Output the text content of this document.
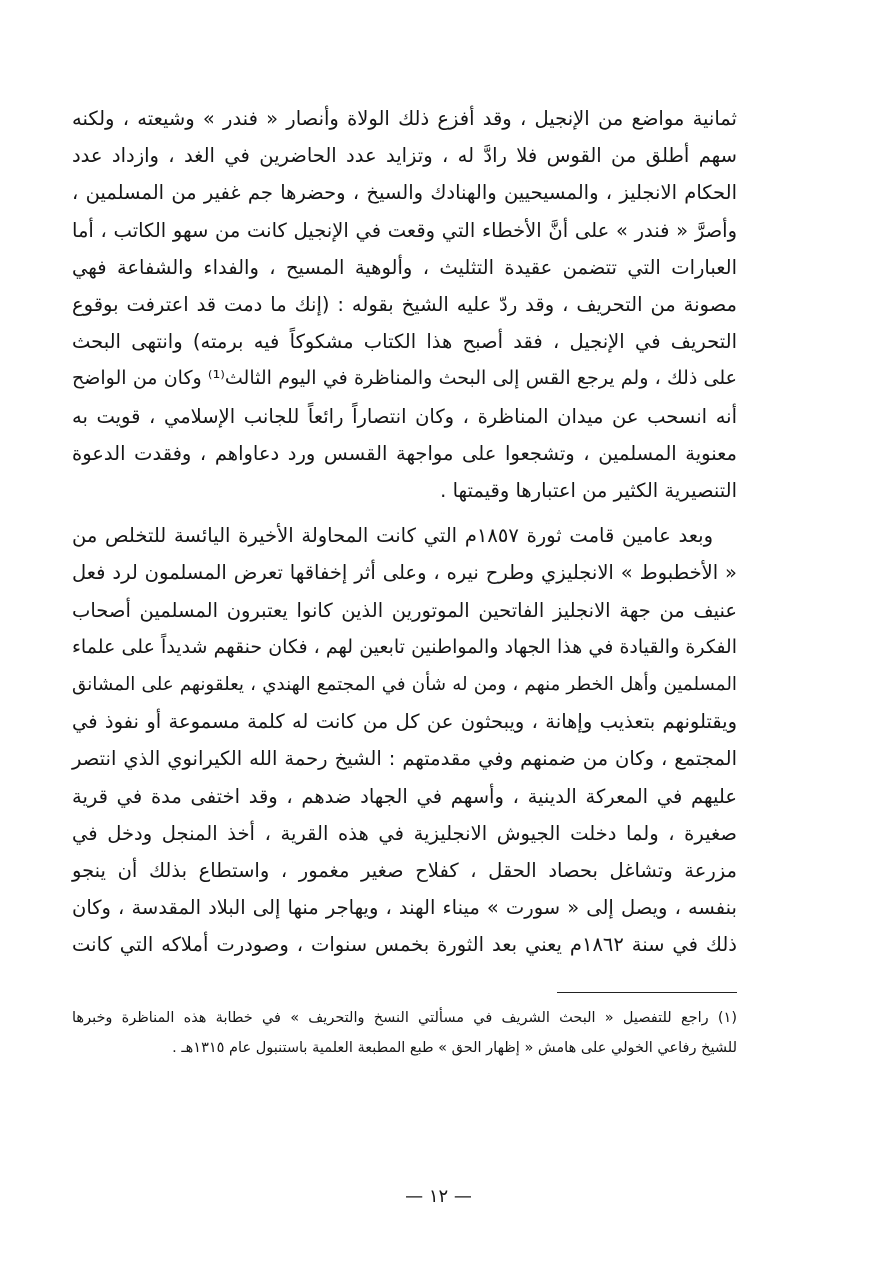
ثمانية مواضع من الإنجيل ، وقد أفزع ذلك الولاة وأنصار « فندر » وشيعته ، ولكنه

سهم أطلق من القوس فلا رادَّ له ، وتزايد عدد الحاضرين في الغد ، وازداد عدد

الحكام الانجليز ، والمسيحيين والهنادك والسيخ ، وحضرها جم غفير من المسلمين ،

وأصرَّ « فندر » على أنَّ الأخطاء التي وقعت في الإنجيل كانت من سهو الكاتب ، أما

العبارات التي تتضمن عقيدة التثليث ، وألوهية المسيح ، والفداء والشفاعة فهي

مصونة من التحريف ، وقد ردّ عليه الشيخ بقوله : (إنك ما دمت قد اعترفت بوقوع

التحريف في الإنجيل ، فقد أصبح هذا الكتاب مشكوكاً فيه برمته) وانتهى البحث

على ذلك ، ولم يرجع القس إلى البحث والمناظرة في اليوم الثالث⁽¹⁾ وكان من الواضح

أنه انسحب عن ميدان المناظرة ، وكان انتصاراً رائعاً للجانب الإسلامي ، قويت به

معنوية المسلمين ، وتشجعوا على مواجهة القسس ورد دعاواهم ، وفقدت الدعوة

التنصيرية الكثير من اعتبارها وقيمتها .

وبعد عامين قامت ثورة ١٨٥٧م التي كانت المحاولة الأخيرة اليائسة للتخلص من

« الأخطبوط » الانجليزي وطرح نيره ، وعلى أثر إخفاقها تعرض المسلمون لرد فعل

عنيف من جهة الانجليز الفاتحين الموتورين الذين كانوا يعتبرون المسلمين أصحاب

الفكرة والقيادة في هذا الجهاد والمواطنين تابعين لهم ، فكان حنقهم شديداً على علماء

المسلمين وأهل الخطر منهم ، ومن له شأن في المجتمع الهندي ، يعلقونهم على المشانق

ويقتلونهم بتعذيب وإهانة ، ويبحثون عن كل من كانت له كلمة مسموعة أو نفوذ في

المجتمع ، وكان من ضمنهم وفي مقدمتهم : الشيخ رحمة الله الكيرانوي الذي انتصر

عليهم في المعركة الدينية ، وأسهم في الجهاد ضدهم ، وقد اختفى مدة في قرية

صغيرة ، ولما دخلت الجيوش الانجليزية في هذه القرية ، أخذ المنجل ودخل في

مزرعة وتشاغل بحصاد الحقل ، كفلاح صغير مغمور ، واستطاع بذلك أن ينجو

بنفسه ، ويصل إلى « سورت » ميناء الهند ، ويهاجر منها إلى البلاد المقدسة ، وكان

ذلك في سنة ١٨٦٢م يعني بعد الثورة بخمس سنوات ، وصودرت أملاكه التي كانت

(١) راجع للتفصيل « البحث الشريف في مسألتي النسخ والتحريف » في خطابة هذه المناظرة وخبرها

للشيخ رفاعي الخولي على هامش « إظهار الحق » طبع المطبعة العلمية باستنبول عام ١٣١٥هـ .

— ١٢ —
